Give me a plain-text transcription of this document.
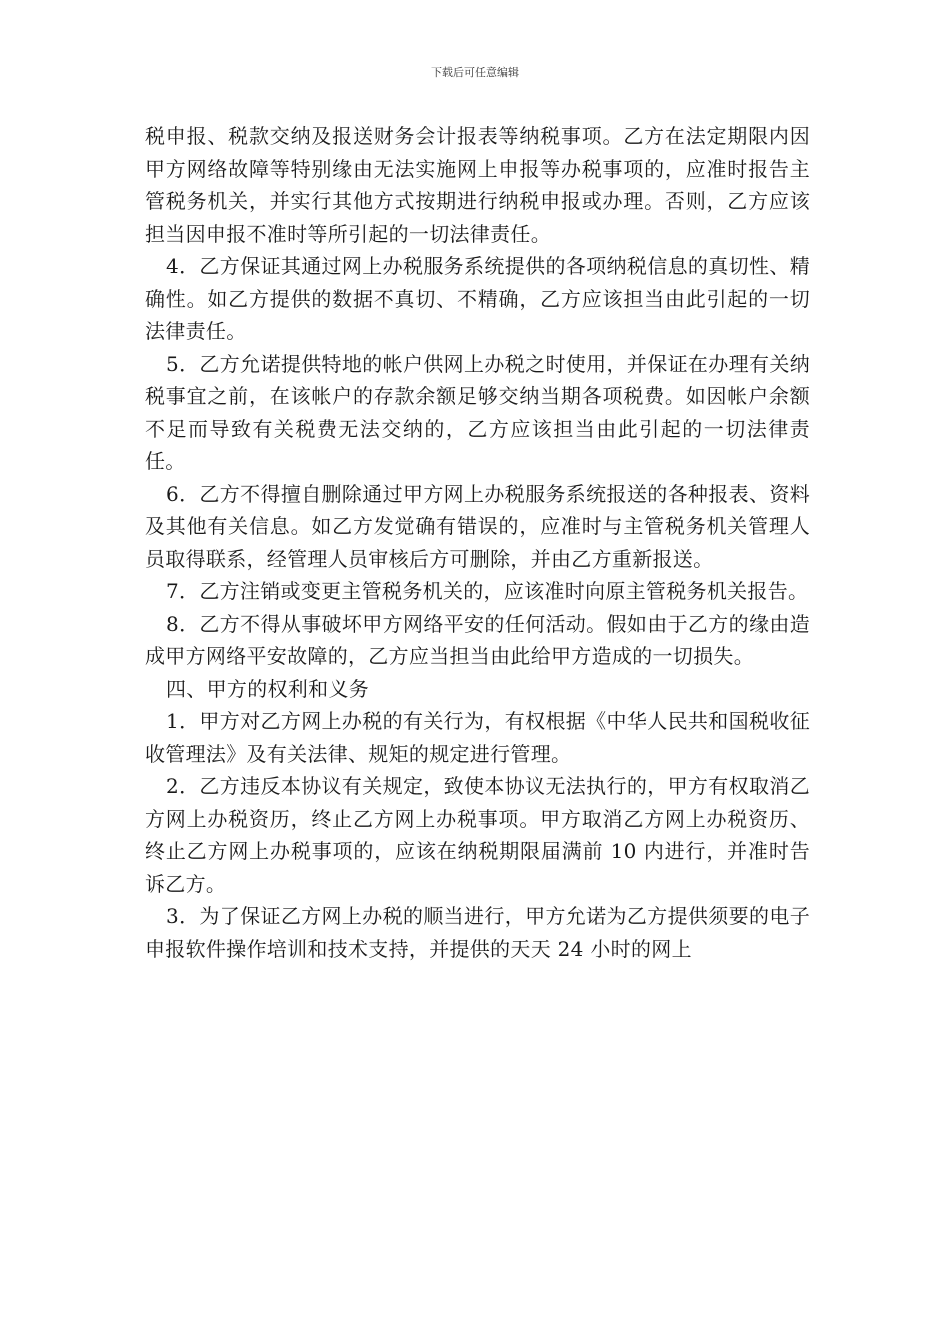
下载后可任意编辑

税申报、税款交纳及报送财务会计报表等纳税事项。乙方在法定期限内因甲方网络故障等特别缘由无法实施网上申报等办税事项的，应准时报告主管税务机关，并实行其他方式按期进行纳税申报或办理。否则，乙方应该担当因申报不准时等所引起的一切法律责任。

4．乙方保证其通过网上办税服务系统提供的各项纳税信息的真切性、精确性。如乙方提供的数据不真切、不精确，乙方应该担当由此引起的一切法律责任。

5．乙方允诺提供特地的帐户供网上办税之时使用，并保证在办理有关纳税事宜之前，在该帐户的存款余额足够交纳当期各项税费。如因帐户余额不足而导致有关税费无法交纳的，乙方应该担当由此引起的一切法律责任。

6．乙方不得擅自删除通过甲方网上办税服务系统报送的各种报表、资料及其他有关信息。如乙方发觉确有错误的，应准时与主管税务机关管理人员取得联系，经管理人员审核后方可删除，并由乙方重新报送。

7．乙方注销或变更主管税务机关的，应该准时向原主管税务机关报告。

8．乙方不得从事破坏甲方网络平安的任何活动。假如由于乙方的缘由造成甲方网络平安故障的，乙方应当担当由此给甲方造成的一切损失。

四、甲方的权利和义务

1．甲方对乙方网上办税的有关行为，有权根据《中华人民共和国税收征收管理法》及有关法律、规矩的规定进行管理。

2．乙方违反本协议有关规定，致使本协议无法执行的，甲方有权取消乙方网上办税资历，终止乙方网上办税事项。甲方取消乙方网上办税资历、终止乙方网上办税事项的，应该在纳税期限届满前 10 内进行，并准时告诉乙方。

3．为了保证乙方网上办税的顺当进行，甲方允诺为乙方提供须要的电子申报软件操作培训和技术支持，并提供的天天 24 小时的网上
